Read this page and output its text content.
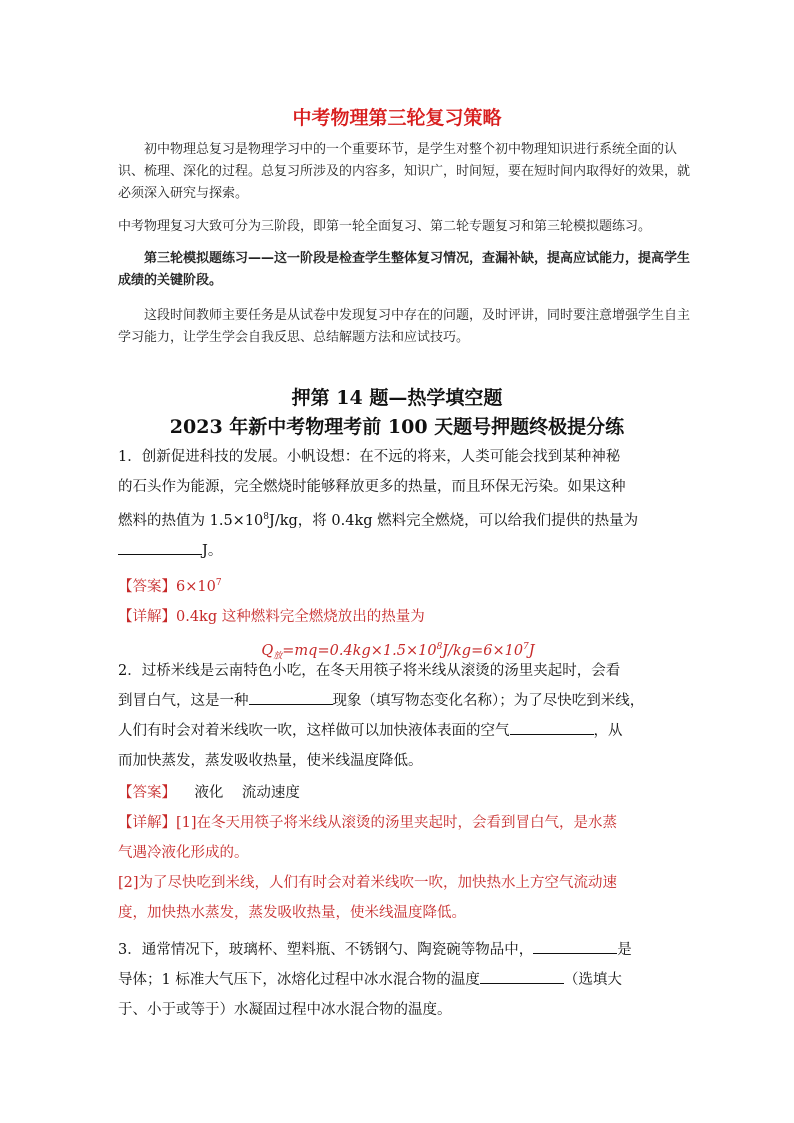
中考物理第三轮复习策略

初中物理总复习是物理学习中的一个重要环节，是学生对整个初中物理知识进行系统全面的认识、梳理、深化的过程。总复习所涉及的内容多，知识广，时间短，要在短时间内取得好的效果，就必须深入研究与探索。

中考物理复习大致可分为三阶段，即第一轮全面复习、第二轮专题复习和第三轮模拟题练习。

第三轮模拟题练习——这一阶段是检查学生整体复习情况，查漏补缺，提高应试能力，提高学生成绩的关键阶段。

这段时间教师主要任务是从试卷中发现复习中存在的问题，及时评讲，同时要注意增强学生自主学习能力，让学生学会自我反思、总结解题方法和应试技巧。

押第 14 题—热学填空题
2023 年新中考物理考前 100 天题号押题终极提分练

1．创新促进科技的发展。小帆设想：在不远的将来，人类可能会找到某种神秘

的石头作为能源，完全燃烧时能够释放更多的热量，而且环保无污染。如果这种

燃料的热值为 $1.5\times 10^8J/kg$，将 0.4kg 燃料完全燃烧，可以给我们提供的热量为

J。

【答案】$6\times 10^7$

【详解】0.4kg 这种燃料完全燃烧放出的热量为

$Q_放=mq=0.4kg\times 1.5\times 10^8J/kg=6\times 10^7J$

2．过桥米线是云南特色小吃，在冬天用筷子将米线从滚烫的汤里夹起时，会看

到冒白气，这是一种	现象（填写物态变化名称）；为了尽快吃到米线，

人们有时会对着米线吹一吹，这样做可以加快液体表面的空气	，从

而加快蒸发，蒸发吸收热量，使米线温度降低。

【答案】 液化 流动速度

【详解】[1]在冬天用筷子将米线从滚烫的汤里夹起时，会看到冒白气，是水蒸

气遇冷液化形成的。

[2]为了尽快吃到米线，人们有时会对着米线吹一吹，加快热水上方空气流动速

度，加快热水蒸发，蒸发吸收热量，使米线温度降低。

3．通常情况下，玻璃杯、塑料瓶、不锈钢勺、陶瓷碗等物品中，	是

导体；1 标准大气压下，冰熔化过程中冰水混合物的温度	（选填大

于、小于或等于）水凝固过程中冰水混合物的温度。
